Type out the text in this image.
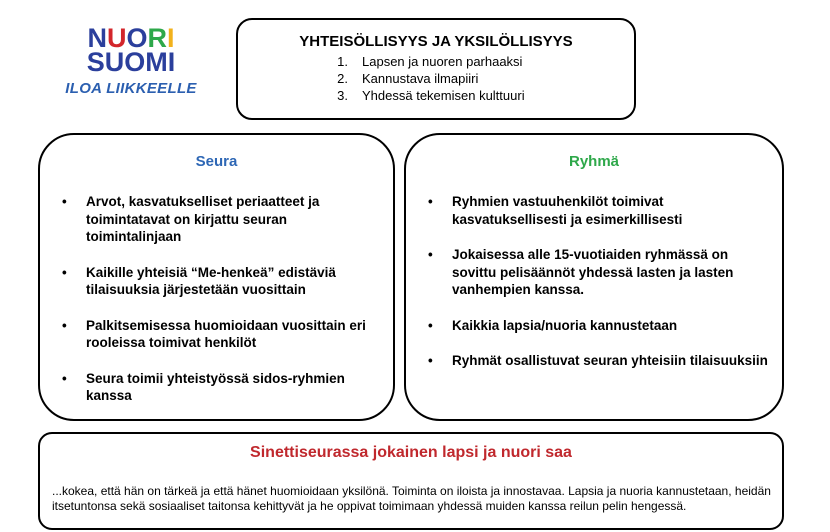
NUORI
SUOMI
ILOA LIIKKEELLE
YHTEISÖLLISYYS JA YKSILÖLLISYYS
1.	Lapsen ja nuoren parhaaksi
2.	Kannustava ilmapiiri
3.	Yhdessä tekemisen kulttuuri
Seura
• Arvot, kasvatukselliset periaatteet ja toimintatavat on kirjattu seuran toimintalinjaan
• Kaikille yhteisiä “Me-henkeä” edistäviä tilaisuuksia järjestetään vuosittain
• Palkitsemisessa huomioidaan vuosittain eri rooleissa toimivat henkilöt
• Seura toimii yhteistyössä sidos-ryhmien kanssa
Ryhmä
• Ryhmien vastuuhenkilöt toimivat kasvatuksellisesti ja esimerkillisesti
• Jokaisessa alle 15-vuotiaiden ryhmässä on sovittu pelisäännöt yhdessä lasten ja lasten vanhempien kanssa.
• Kaikkia lapsia/nuoria kannustetaan
• Ryhmät osallistuvat seuran yhteisiin tilaisuuksiin
Sinettiseurassa jokainen lapsi ja nuori saa
...kokea, että hän on tärkeä ja että hänet huomioidaan yksilönä. Toiminta on iloista ja innostavaa. Lapsia ja nuoria kannustetaan, heidän itsetuntonsa sekä sosiaaliset taitonsa kehittyvät ja he oppivat toimimaan yhdessä muiden kanssa reilun pelin hengessä.
